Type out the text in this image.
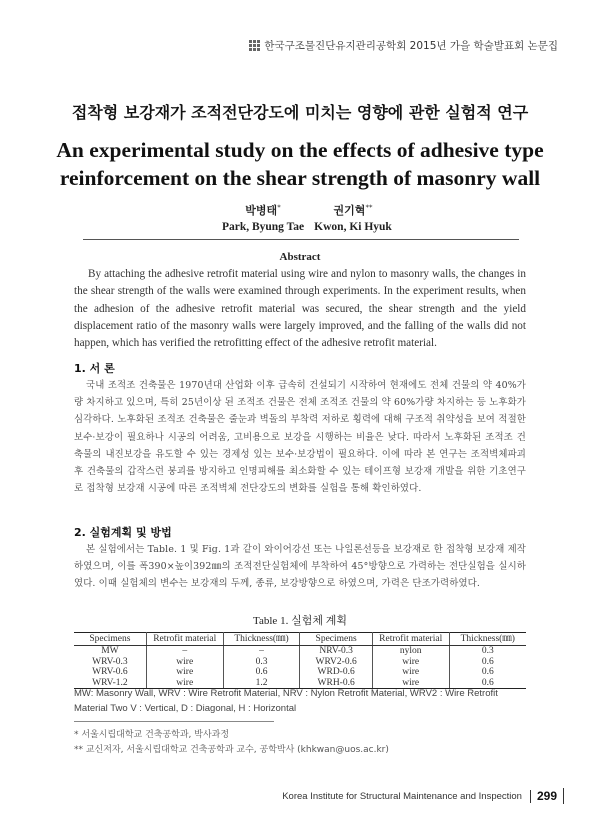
한국구조물진단유지관리공학회 2015년 가을 학술발표회 논문집
접착형 보강재가 조적전단강도에 미치는 영향에 관한 실험적 연구
An experimental study on the effects of adhesive type
reinforcement on the shear strength of masonry wall
박병태*
Park, Byung Tae
권기혁**
Kwon, Ki Hyuk
Abstract
By attaching the adhesive retrofit material using wire and nylon to masonry walls, the changes in the shear strength of the walls were examined through experiments. In the experiment results, when the adhesion of the adhesive retrofit material was secured, the shear strength and the yield displacement ratio of the masonry walls were largely improved, and the falling of the walls did not happen, which has verified the retrofitting effect of the adhesive retrofit material.
1. 서 론
국내 조적조 건축물은 1970년대 산업화 이후 급속히 건설되기 시작하여 현재에도 전체 건물의 약 40%가량 차지하고 있으며, 특히 25년이상 된 조적조 건물은 전체 조적조 건물의 약 60%가량 차지하는 등 노후화가 심각하다. 노후화된 조적조 건축물은 줄눈과 벽돌의 부착력 저하로 횡력에 대해 구조적 취약성을 보여 적절한 보수·보강이 필요하나 시공의 어려움, 고비용으로 보강을 시행하는 비율은 낮다. 따라서 노후화된 조적조 건축물의 내진보강을 유도할 수 있는 경제성 있는 보수·보강법이 필요하다. 이에 따라 본 연구는 조적벽체파괴후 건축물의 갑작스런 붕괴를 방지하고 인명피해를 최소화할 수 있는 테이프형 보강재 개발을 위한 기초연구로 접착형 보강재 시공에 따른 조적벽체 전단강도의 변화를 실험을 통해 확인하였다.
2. 실험계획 및 방법
본 실험에서는 Table. 1 및 Fig. 1과 같이 와이어강선 또는 나일론선등을 보강재로 한 접착형 보강재 제작하였으며, 이를 폭390×높이392㎜의 조적전단실험체에 부착하여 45°방향으로 가력하는 전단실험을 실시하였다. 이때 실험체의 변수는 보강재의 두께, 종류, 보강방향으로 하였으며, 가력은 단조가력하였다.
Table 1. 실험체 계획
Specimens	Retrofit material	Thickness(㎜)	Specimens	Retrofit material	Thickness(㎜)
MW	–	–	NRV-0.3	nylon	0.3
WRV-0.3	wire	0.3	WRV2-0.6	wire	0.6
WRV-0.6	wire	0.6	WRD-0.6	wire	0.6
WRV-1.2	wire	1.2	WRH-0.6	wire	0.6
MW: Masonry Wall, WRV : Wire Retrofit Material, NRV : Nylon Retrofit Material, WRV2 : Wire Retrofit Material Two V : Vertical, D : Diagonal, H : Horizontal
* 서울시립대학교 건축공학과, 박사과정
** 교신저자, 서울시립대학교 건축공학과 교수, 공학박사 (khkwan@uos.ac.kr)
Korea Institute for Structural Maintenance and Inspection 299
